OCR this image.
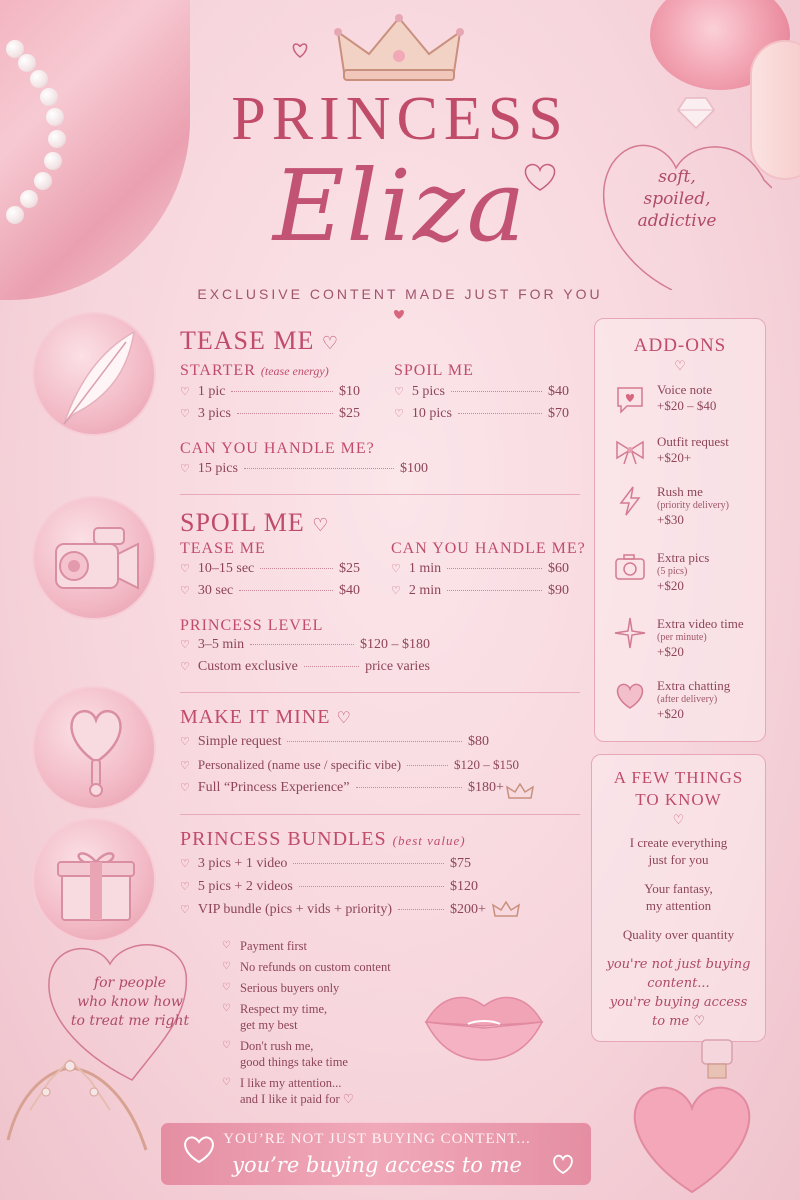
PRINCESS
Eliza
EXCLUSIVE CONTENT MADE JUST FOR YOU
soft,
spoiled,
addictive
TEASE ME ♡
STARTER (tease energy)
♡ 1 pic	$10
♡ 3 pics	$25
SPOIL ME
♡ 5 pics	$40
♡ 10 pics	$70
CAN YOU HANDLE ME?
♡ 15 pics	$100
SPOIL ME ♡
TEASE ME
♡ 10–15 sec	$25
♡ 30 sec	$40
CAN YOU HANDLE ME?
♡ 1 min	$60
♡ 2 min	$90
PRINCESS LEVEL
♡ 3–5 min	$120 – $180
♡ Custom exclusive	price varies
MAKE IT MINE ♡
♡ Simple request	$80
♡ Personalized (name use / specific vibe)	$120 – $150
♡ Full “Princess Experience”	$180+
PRINCESS BUNDLES (best value)
♡ 3 pics + 1 video	$75
♡ 5 pics + 2 videos	$120
♡ VIP bundle (pics + vids + priority)	$200+
ADD-ONS
♡
Voice note
+$20 – $40
Outfit request
+$20+
Rush me
(priority delivery)
+$30
Extra pics
(5 pics)
+$20
Extra video time
(per minute)
+$20
Extra chatting
(after delivery)
+$20
A FEW THINGS
TO KNOW
♡
I create everything
just for you
Your fantasy,
my attention
Quality over quantity
you're not just buying
content...
you're buying access
to me ♡
for people
who know how
to treat me right
♡ Payment first
♡ No refunds on custom content
♡ Serious buyers only
♡ Respect my time,
get my best
♡ Don't rush me,
good things take time
♡ I like my attention...
and I like it paid for ♡
YOU’RE NOT JUST BUYING CONTENT...
you’re buying access to me
